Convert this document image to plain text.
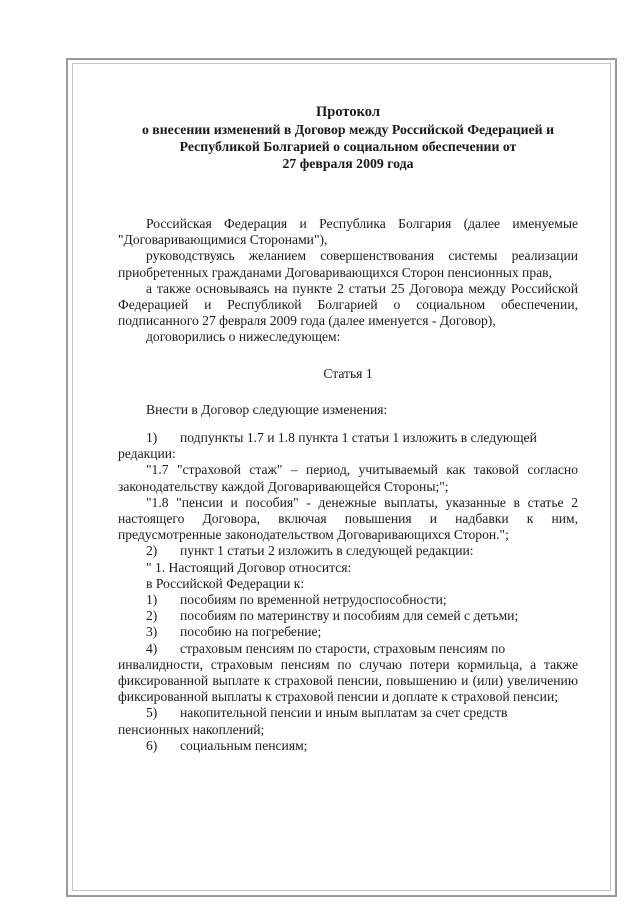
Протокол
о внесении изменений в Договор между Российской Федерацией и
Республикой Болгарией о социальном обеспечении от
27 февраля 2009 года

Российская Федерация и Республика Болгария (далее именуемые "Договаривающимися Сторонами"),

руководствуясь желанием совершенствования системы реализации приобретенных гражданами Договаривающихся Сторон пенсионных прав,

а также основываясь на пункте 2 статьи 25 Договора между Российской Федерацией и Республикой Болгарией о социальном обеспечении, подписанного 27 февраля 2009 года (далее именуется - Договор),

договорились о нижеследующем:

Статья 1

Внести в Договор следующие изменения:

1)	подпункты 1.7 и 1.8 пункта 1 статьи 1 изложить в следующей

редакции:

"1.7 "страховой стаж" – период, учитываемый как таковой согласно законодательству каждой Договаривающейся Стороны;";

"1.8 "пенсии и пособия" - денежные выплаты, указанные в статье 2 настоящего Договора, включая повышения и надбавки к ним, предусмотренные законодательством Договаривающихся Сторон.";

2)	пункт 1 статьи 2 изложить в следующей редакции:

" 1. Настоящий Договор относится:

в Российской Федерации к:

1)	пособиям по временной нетрудоспособности;
2)	пособиям по материнству и пособиям для семей с детьми;
3)	пособию на погребение;
4)	страховым пенсиям по старости, страховым пенсиям по

инвалидности, страховым пенсиям по случаю потери кормильца, а также фиксированной выплате к страховой пенсии, повышению и (или) увеличению фиксированной выплаты к страховой пенсии и доплате к страховой пенсии;

5)	накопительной пенсии и иным выплатам за счет средств

пенсионных накоплений;

6)	социальным пенсиям;
